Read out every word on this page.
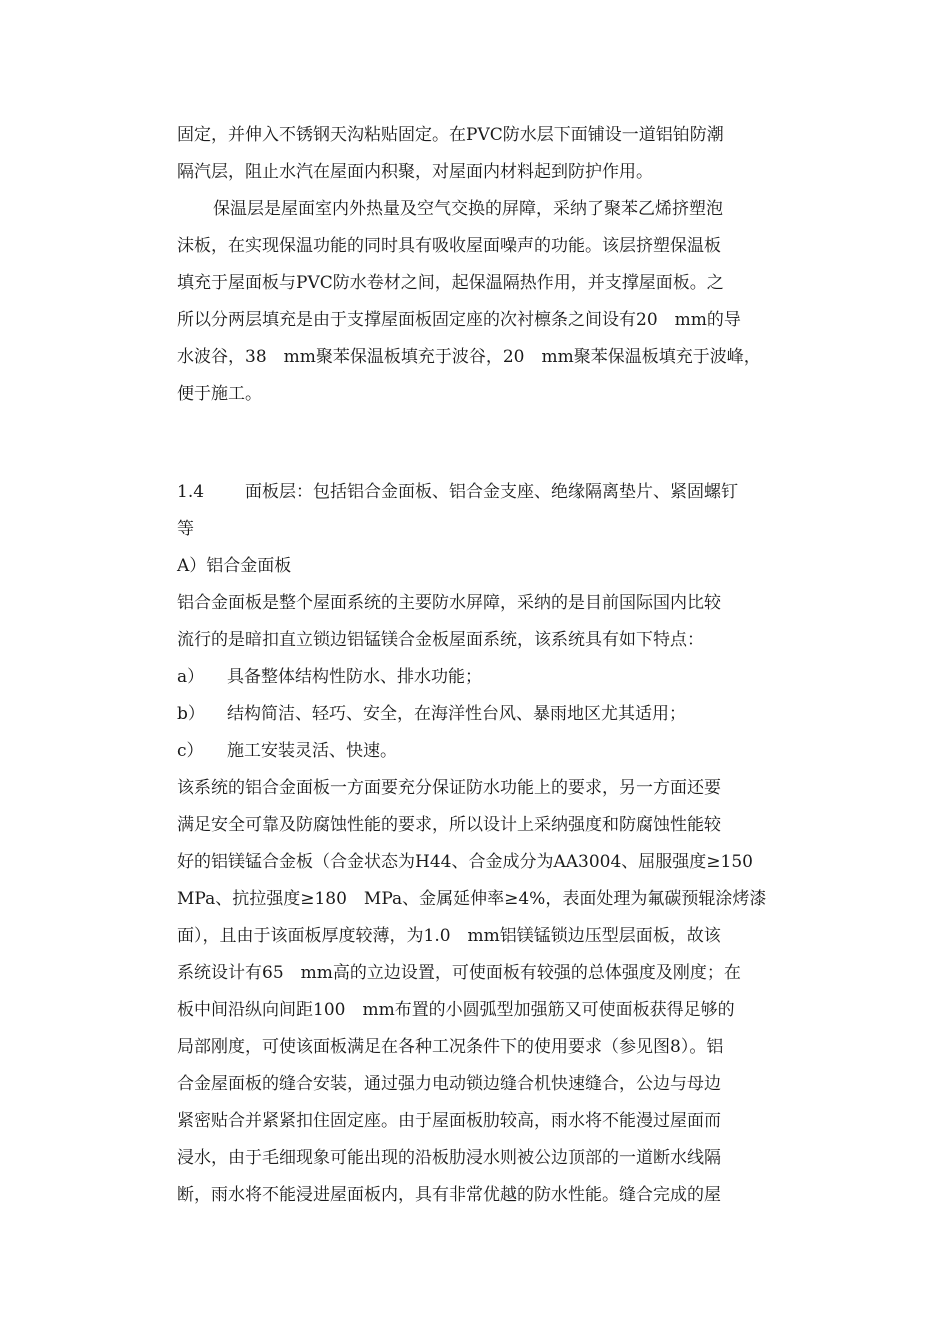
固定，并伸入不锈钢天沟粘贴固定。在PVC防水层下面铺设一道铝铂防潮
隔汽层，阻止水汽在屋面内积聚，对屋面内材料起到防护作用。
保温层是屋面室内外热量及空气交换的屏障，采纳了聚苯乙烯挤塑泡
沫板，在实现保温功能的同时具有吸收屋面噪声的功能。该层挤塑保温板
填充于屋面板与PVC防水卷材之间，起保温隔热作用，并支撑屋面板。之
所以分两层填充是由于支撑屋面板固定座的次衬檩条之间设有20　mm的导
水波谷，38　mm聚苯保温板填充于波谷，20　mm聚苯保温板填充于波峰，
便于施工。
1.4 面板层：包括铝合金面板、铝合金支座、绝缘隔离垫片、紧固螺钉
等
A）铝合金面板
铝合金面板是整个屋面系统的主要防水屏障，采纳的是目前国际国内比较
流行的是暗扣直立锁边铝锰镁合金板屋面系统，该系统具有如下特点：
a） 具备整体结构性防水、排水功能；
b） 结构简洁、轻巧、安全，在海洋性台风、暴雨地区尤其适用；
c） 施工安装灵活、快速。
该系统的铝合金面板一方面要充分保证防水功能上的要求，另一方面还要
满足安全可靠及防腐蚀性能的要求，所以设计上采纳强度和防腐蚀性能较
好的铝镁锰合金板（合金状态为H44、合金成分为AA3004、屈服强度≥150
MPa、抗拉强度≥180　MPa、金属延伸率≥4%，表面处理为氟碳预辊涂烤漆
面），且由于该面板厚度较薄，为1.0　mm铝镁锰锁边压型层面板，故该
系统设计有65　mm高的立边设置，可使面板有较强的总体强度及刚度；在
板中间沿纵向间距100　mm布置的小圆弧型加强筋又可使面板获得足够的
局部刚度，可使该面板满足在各种工况条件下的使用要求（参见图8）。铝
合金屋面板的缝合安装，通过强力电动锁边缝合机快速缝合，公边与母边
紧密贴合并紧紧扣住固定座。由于屋面板肋较高，雨水将不能漫过屋面而
浸水，由于毛细现象可能出现的沿板肋浸水则被公边顶部的一道断水线隔
断，雨水将不能浸进屋面板内，具有非常优越的防水性能。缝合完成的屋
